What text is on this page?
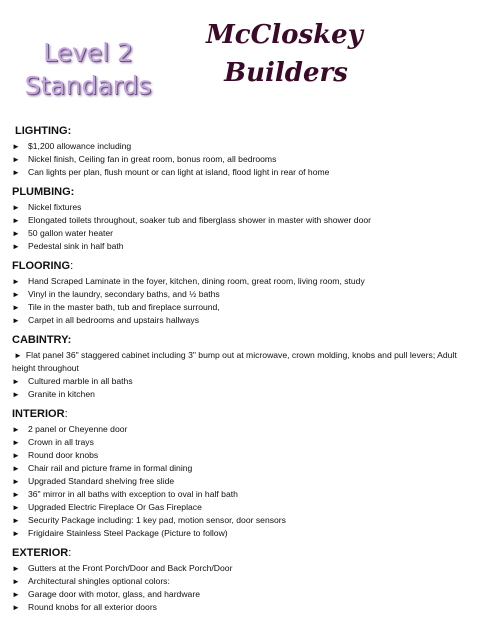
Level 2
Standards
McCloskey
Builders
LIGHTING:
► $1,200 allowance including
► Nickel finish, Ceiling fan in great room, bonus room, all bedrooms
► Can lights per plan, flush mount or can light at island, flood light in rear of home
PLUMBING:
► Nickel fixtures
► Elongated toilets throughout, soaker tub and fiberglass shower in master with shower door
► 50 gallon water heater
► Pedestal sink in half bath
FLOORING:
► Hand Scraped Laminate in the foyer, kitchen, dining room, great room, living room, study
► Vinyl in the laundry, secondary baths, and ½ baths
► Tile in the master bath, tub and fireplace surround,
► Carpet in all bedrooms and upstairs hallways
CABINTRY:
► Flat panel 36" staggered cabinet including 3" bump out at microwave, crown molding, knobs and pull levers; Adult height throughout
► Cultured marble in all baths
► Granite in kitchen
INTERIOR:
► 2 panel or Cheyenne door
► Crown in all trays
► Round door knobs
► Chair rail and picture frame in formal dining
► Upgraded Standard shelving free slide
► 36" mirror in all baths with exception to oval in half bath
► Upgraded Electric Fireplace Or Gas Fireplace
► Security Package including: 1 key pad, motion sensor, door sensors
► Frigidaire Stainless Steel Package (Picture to follow)
EXTERIOR:
► Gutters at the Front Porch/Door and Back Porch/Door
► Architectural shingles optional colors:
► Garage door with motor, glass, and hardware
► Round knobs for all exterior doors
